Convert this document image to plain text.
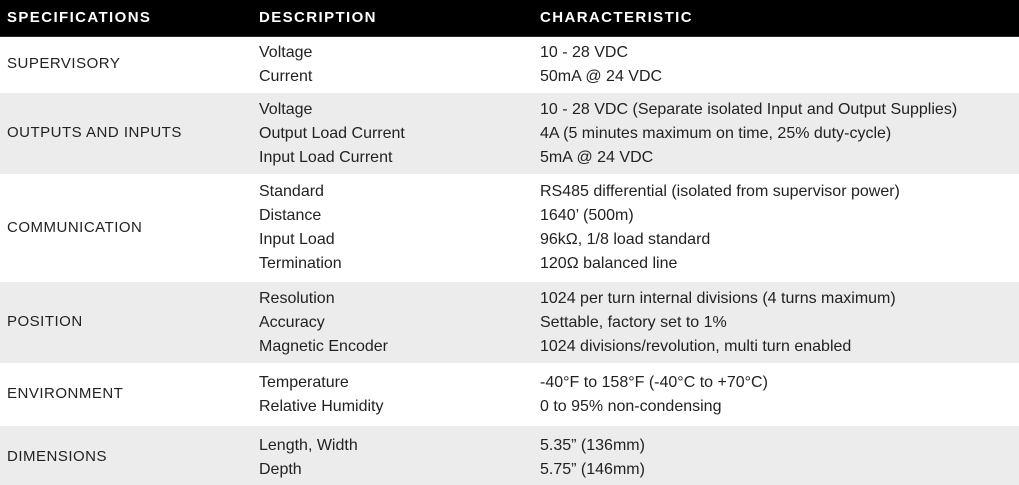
SPECIFICATIONS	DESCRIPTION	CHARACTERISTIC
SUPERVISORY
Voltage
Current
10 - 28 VDC
50mA @ 24 VDC
OUTPUTS AND INPUTS
Voltage
Output Load Current
Input Load Current
10 - 28 VDC (Separate isolated Input and Output Supplies)
4A (5 minutes maximum on time, 25% duty-cycle)
5mA @ 24 VDC
COMMUNICATION
Standard
Distance
Input Load
Termination
RS485 differential (isolated from supervisor power)
1640’ (500m)
96kΩ, 1/8 load standard
120Ω balanced line
POSITION
Resolution
Accuracy
Magnetic Encoder
1024 per turn internal divisions (4 turns maximum)
Settable, factory set to 1%
1024 divisions/revolution, multi turn enabled
ENVIRONMENT
Temperature
Relative Humidity
-40°F to 158°F (-40°C to +70°C)
0 to 95% non-condensing
DIMENSIONS
Length, Width
Depth
5.35” (136mm)
5.75” (146mm)
